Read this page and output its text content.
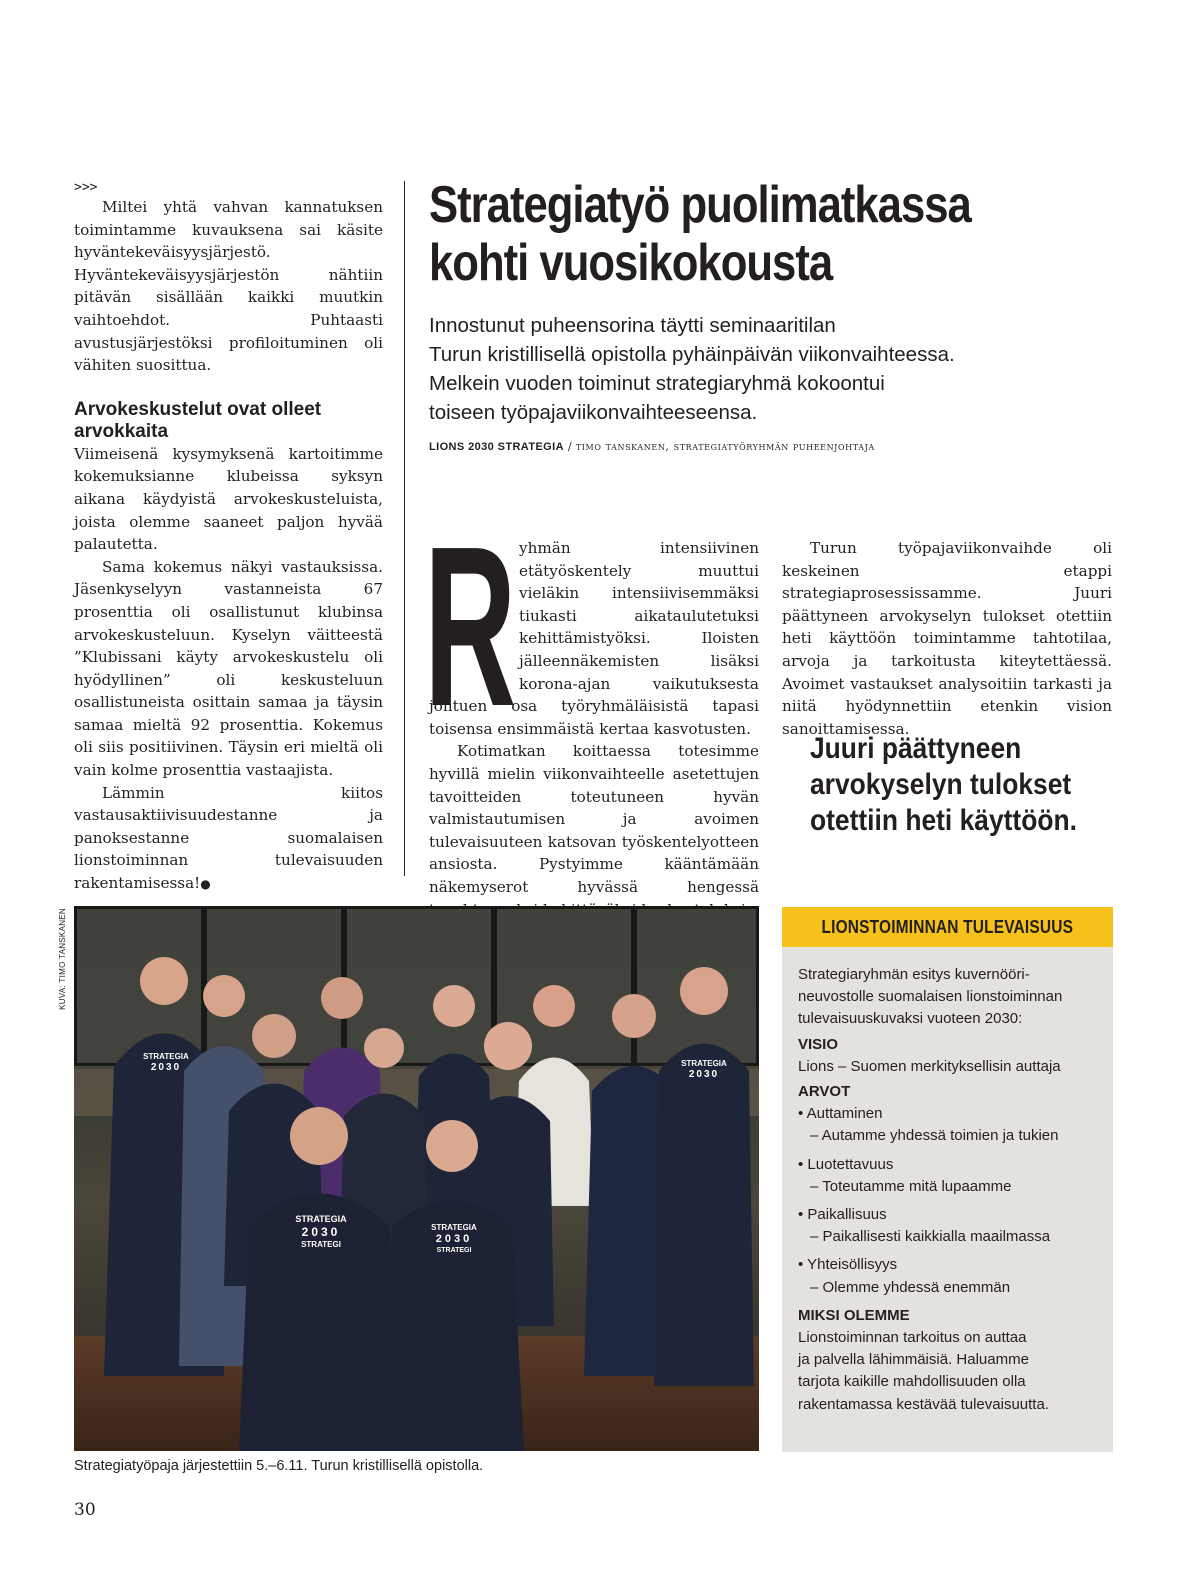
>>>

Miltei yhtä vahvan kannatuksen toimintamme kuvauksena sai käsite hyväntekeväisyysjärjestö. Hyväntekeväisyysjärjestön nähtiin pitävän sisällään kaikki muutkin vaihtoehdot. Puhtaasti avustusjärjestöksi profiloituminen oli vähiten suosittua.

Arvokeskustelut ovat olleet arvokkaita

Viimeisenä kysymyksenä kartoitimme kokemuksianne klubeissa syksyn aikana käydyistä arvokeskusteluista, joista olemme saaneet paljon hyvää palautetta.

Sama kokemus näkyi vastauksissa. Jäsenkyselyyn vastanneista 67 prosenttia oli osallistunut klubinsa arvokeskusteluun. Kyselyn väitteestä ”Klubissani käyty arvokeskustelu oli hyödyllinen” oli keskusteluun osallistuneista osittain samaa ja täysin samaa mieltä 92 prosenttia. Kokemus oli siis positiivinen. Täysin eri mieltä oli vain kolme prosenttia vastaajista.

Lämmin kiitos vastausaktiivisuudestanne ja panoksestanne suomalaisen lionstoiminnan tulevaisuuden rakentamisessa!●

Strategiatyö puolimatkassa
kohti vuosikokousta
Innostunut puheensorina täytti seminaaritilan
Turun kristillisellä opistolla pyhäinpäivän viikonvaihteessa.
Melkein vuoden toiminut strategiaryhmä kokoontui
toiseen työpajaviikonvaihteeseensa.
LIONS 2030 STRATEGIA / timo tanskanen, strategiatyöryhmän puheenjohtaja
R yhmän intensiivinen etätyöskentely muuttui vieläkin intensiivisemmäksi tiukasti aikataulutetuksi kehittämistyöksi. Iloisten jälleennäkemisten lisäksi korona-ajan vaikutuksesta johtuen osa työryhmäläisistä tapasi toisensa ensimmäistä kertaa kasvotusten.

Kotimatkan koittaessa totesimme hyvillä mielin viikonvaihteelle asetettujen tavoitteiden toteutuneen hyvän valmistautumisen ja avoimen tulevaisuuteen katsovan työskentelyotteen ansiosta. Pystyimme kääntämään näkemyserot hyvässä hengessä

Turun työpajaviikonvaihde oli keskeinen etappi strategiaprosessissamme. Juuri päättyneen arvokyselyn tulokset otettiin heti käyttöön toimintamme tahtotilaa, arvoja ja tarkoitusta kiteytettäessä. Avoimet vastaukset analysoitiin tarkasti ja niitä hyödynnettiin etenkin vision sanoittamisessa.

Juuri päättyneen
arvokyselyn tulokset
otettiin heti käyttöön.
KUVA: TIMO TANSKANEN
STRATEGIA
2030
STRATEGI
STRATEGIA
2030
STRATEGI
STRATEGIA
2030	STRATEGIA
2030
Strategiatyöpaja järjestettiin 5.–6.11. Turun kristillisellä opistolla.
30
LIONSTOIMINNAN TULEVAISUUS
Strategiaryhmän esitys kuvernööri-
neuvostolle suomalaisen lionstoiminnan
tulevaisuuskuvaksi vuoteen 2030:
VISIO
Lions – Suomen merkityksellisin auttaja
ARVOT
• Auttaminen
– Autamme yhdessä toimien ja tukien
• Luotettavuus
– Toteutamme mitä lupaamme
• Paikallisuus
– Paikallisesti kaikkialla maailmassa
• Yhteisöllisyys
– Olemme yhdessä enemmän
MIKSI OLEMME
Lionstoiminnan tarkoitus on auttaa
ja palvella lähimmäisiä. Haluamme
tarjota kaikille mahdollisuuden olla
rakentamassa kestävää tulevaisuutta.
